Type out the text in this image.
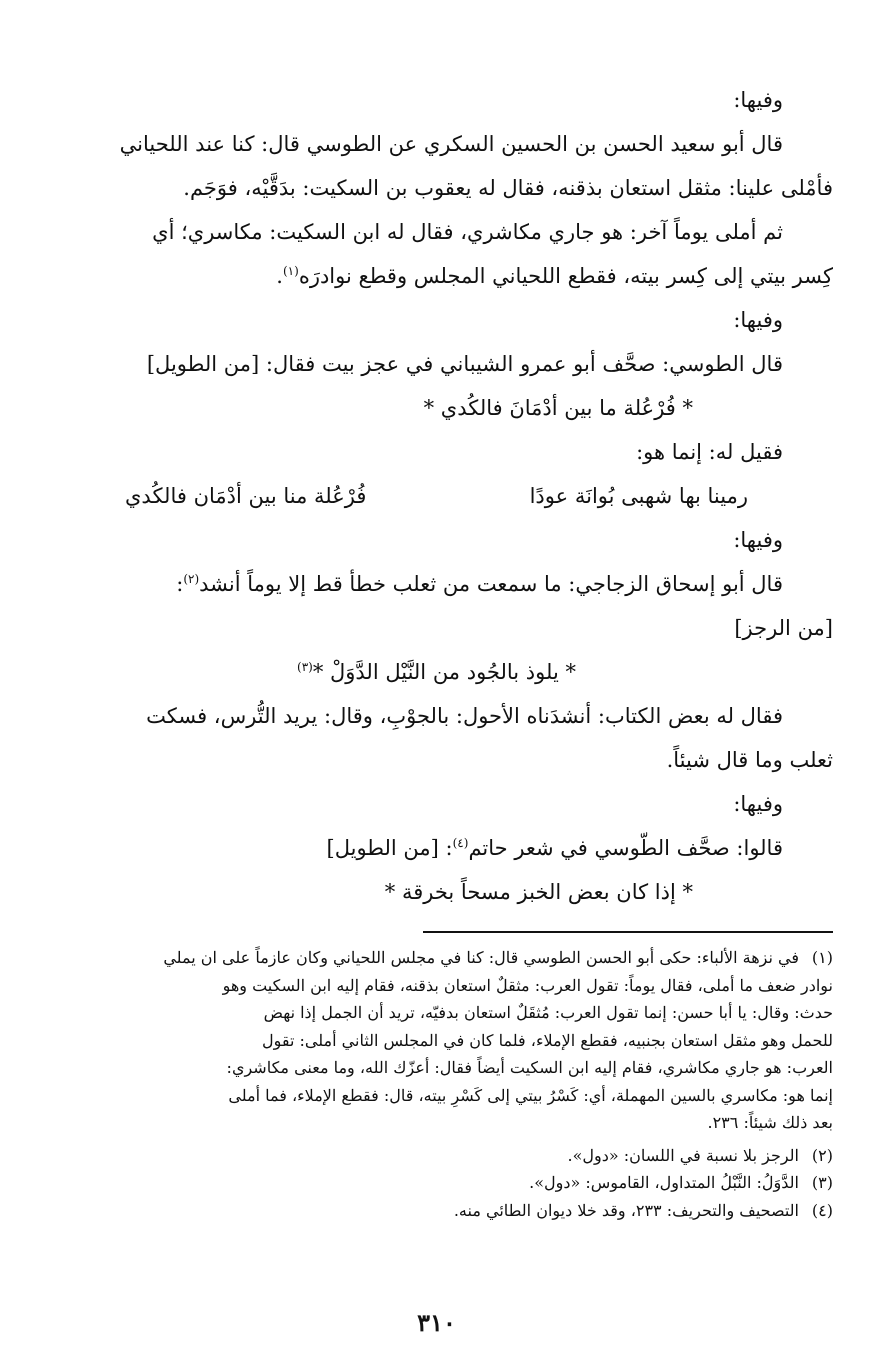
وفيها:

قال أبو سعيد الحسن بن الحسين السكري عن الطوسي قال: كنا عند اللحياني

فأمْلى علينا: مثقل استعان بذقنه، فقال له يعقوب بن السكيت: بدَقَّيْه، فوَجَم.

ثم أملى يوماً آخر: هو جاري مكاشري، فقال له ابن السكيت: مكاسري؛ أي

كِسر بيتي إلى كِسر بيته، فقطع اللحياني المجلس وقطع نوادرَه$^{(١)}$.

وفيها:

قال الطوسي: صحَّف أبو عمرو الشيباني في عجز بيت فقال: [من الطويل]

* فُرْعُلة ما بين أدْمَانَ فالكُدي *

فقيل له: إنما هو:

رمينا بها شهبى بُوانَة عودًا
فُرْعُلة منا بين أدْمَان فالكُدي

وفيها:

قال أبو إسحاق الزجاجي: ما سمعت من ثعلب خطأ قط إلا يوماً أنشد$^{(٢)}$:

[من الرجز]

* يلوذ بالجُود من النَّيْل الدَّوَلْ *$^{(٣)}$

فقال له بعض الكتاب: أنشدَناه الأحول: بالجوْبِ، وقال: يريد التُّرس، فسكت

ثعلب وما قال شيئاً.

وفيها:

قالوا: صحَّف الطّوسي في شعر حاتم$^{(٤)}$: [من الطويل]

* إذا كان بعض الخبز مسحاً بخرقة *

(١)في نزهة الألباء: حكى أبو الحسن الطوسي قال: كنا في مجلس اللحياني وكان عازماً على ان يملي

نوادر ضعف ما أملى، فقال يوماً: تقول العرب: مثقلٌ استعان بذقنه، فقام إليه ابن السكيت وهو

حدث: وقال: يا أبا حسن: إنما تقول العرب: مُثقَلٌ استعان بدفيّه، تريد أن الجمل إذا نهض

للحمل وهو مثقل استعان بجنبيه، فقطع الإملاء، فلما كان في المجلس الثاني أملى: تقول

العرب: هو جاري مكاشري، فقام إليه ابن السكيت أيضاً فقال: أعزّك الله، وما معنى مكاشري:

إنما هو: مكاسري بالسين المهملة، أي: كَسْرُ بيتي إلى كَسْرِ بيته، قال: فقطع الإملاء، فما أملى

بعد ذلك شيئاً: ٢٣٦.

(٢)الرجز بلا نسبة في اللسان: «دول».

(٣)الدَّوَلُ: النَّبْلُ المتداول، القاموس: «دول».

(٤)التصحيف والتحريف: ٢٣٣، وقد خلا ديوان الطائي منه.

٣١٠
